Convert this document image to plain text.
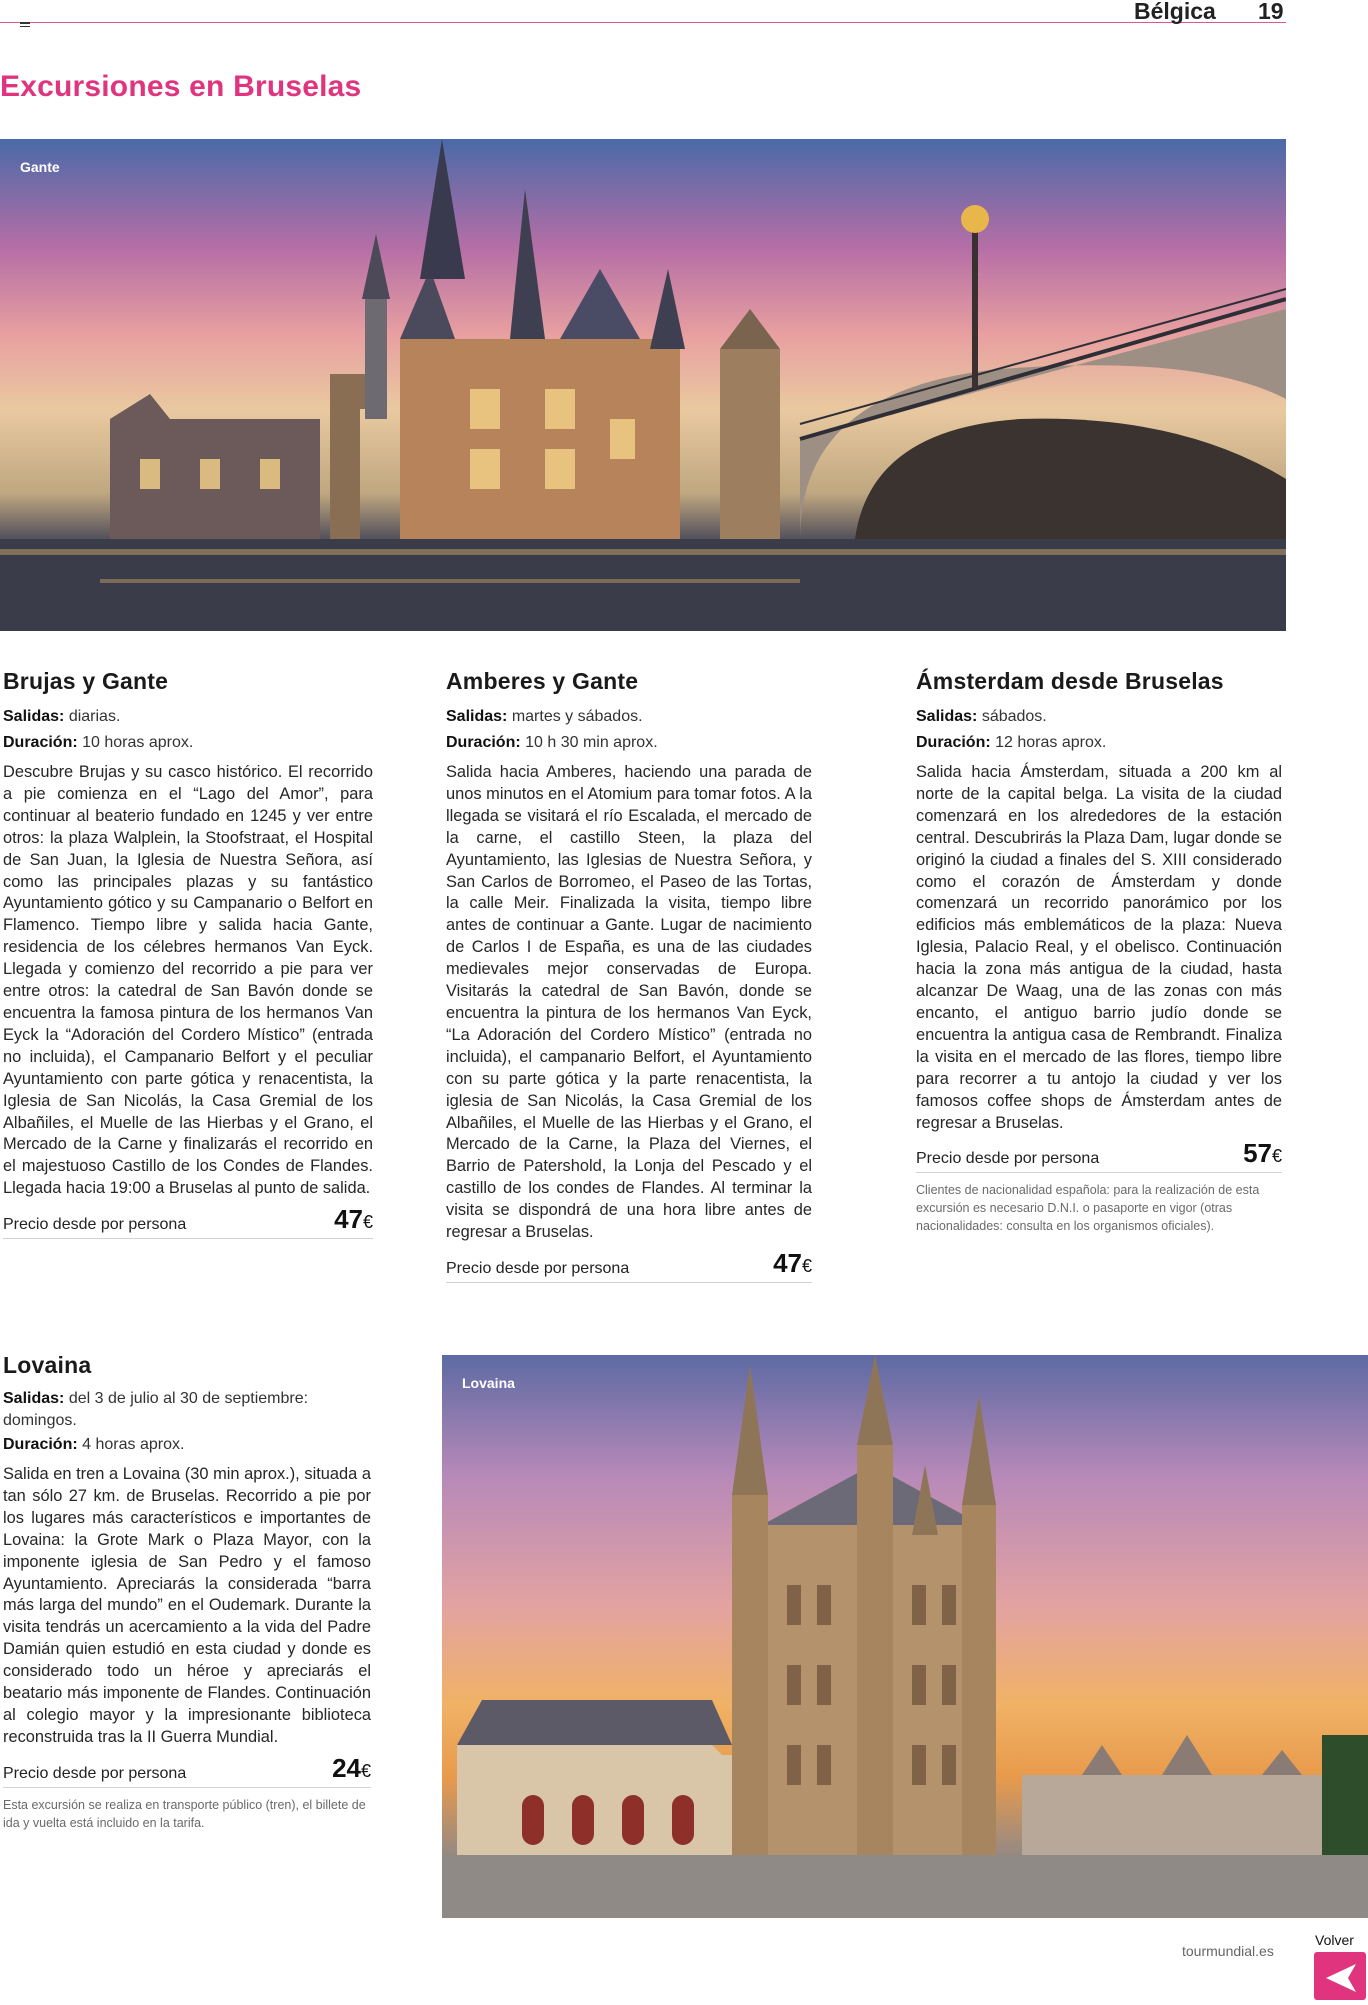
Bélgica 19
Excursiones en Bruselas
Gante
Brujas y Gante
Salidas: diarias.
Duración: 10 horas aprox.
Descubre Brujas y su casco histórico. El recorrido a pie comienza en el “Lago del Amor”, para continuar al beaterio fundado en 1245 y ver entre otros: la plaza Walplein, la Stoofstraat, el Hospital de San Juan, la Iglesia de Nuestra Señora, así como las principales plazas y su fantástico Ayuntamiento gótico y su Campanario o Belfort en Flamenco. Tiempo libre y salida hacia Gante, residencia de los célebres hermanos Van Eyck. Llegada y comienzo del recorrido a pie para ver entre otros: la catedral de San Bavón donde se encuentra la famosa pintura de los hermanos Van Eyck la “Adoración del Cordero Místico” (entrada no incluida), el Campanario Belfort y el peculiar Ayuntamiento con parte gótica y renacentista, la Iglesia de San Nicolás, la Casa Gremial de los Albañiles, el Muelle de las Hierbas y el Grano, el Mercado de la Carne y finalizarás el recorrido en el majestuoso Castillo de los Condes de Flandes. Llegada hacia 19:00 a Bruselas al punto de salida.
Precio desde por persona	47€
Amberes y Gante
Salidas: martes y sábados.
Duración: 10 h 30 min aprox.
Salida hacia Amberes, haciendo una parada de unos minutos en el Atomium para tomar fotos. A la llegada se visitará el río Escalada, el mercado de la carne, el castillo Steen, la plaza del Ayuntamiento, las Iglesias de Nuestra Señora, y San Carlos de Borromeo, el Paseo de las Tortas, la calle Meir. Finalizada la visita, tiempo libre antes de continuar a Gante. Lugar de nacimiento de Carlos I de España, es una de las ciudades medievales mejor conservadas de Europa. Visitarás la catedral de San Bavón, donde se encuentra la pintura de los hermanos Van Eyck, “La Adoración del Cordero Místico” (entrada no incluida), el campanario Belfort, el Ayuntamiento con su parte gótica y la parte renacentista, la iglesia de San Nicolás, la Casa Gremial de los Albañiles, el Muelle de las Hierbas y el Grano, el Mercado de la Carne, la Plaza del Viernes, el Barrio de Patershold, la Lonja del Pescado y el castillo de los condes de Flandes. Al terminar la visita se dispondrá de una hora libre antes de regresar a Bruselas.
Precio desde por persona	47€
Ámsterdam desde Bruselas
Salidas: sábados.
Duración: 12 horas aprox.
Salida hacia Ámsterdam, situada a 200 km al norte de la capital belga. La visita de la ciudad comenzará en los alrededores de la estación central. Descubrirás la Plaza Dam, lugar donde se originó la ciudad a finales del S. XIII considerado como el corazón de Ámsterdam y donde comenzará un recorrido panorámico por los edificios más emblemáticos de la plaza: Nueva Iglesia, Palacio Real, y el obelisco. Continuación hacia la zona más antigua de la ciudad, hasta alcanzar De Waag, una de las zonas con más encanto, el antiguo barrio judío donde se encuentra la antigua casa de Rembrandt. Finaliza la visita en el mercado de las flores, tiempo libre para recorrer a tu antojo la ciudad y ver los famosos coffee shops de Ámsterdam antes de regresar a Bruselas.
Precio desde por persona	57€
Clientes de nacionalidad española: para la realización de esta excursión es necesario D.N.I. o pasaporte en vigor (otras nacionalidades: consulta en los organismos oficiales).
Lovaina
Salidas: del 3 de julio al 30 de septiembre: domingos.
Duración: 4 horas aprox.
Salida en tren a Lovaina (30 min aprox.), situada a tan sólo 27 km. de Bruselas. Recorrido a pie por los lugares más característicos e importantes de Lovaina: la Grote Mark o Plaza Mayor, con la imponente iglesia de San Pedro y el famoso Ayuntamiento. Apreciarás la considerada “barra más larga del mundo” en el Oudemark. Durante la visita tendrás un acercamiento a la vida del Padre Damián quien estudió en esta ciudad y donde es considerado todo un héroe y apreciarás el beatario más imponente de Flandes. Continuación al colegio mayor y la impresionante biblioteca reconstruida tras la II Guerra Mundial.
Precio desde por persona	24€
Esta excursión se realiza en transporte público (tren), el billete de ida y vuelta está incluido en la tarifa.
Lovaina
tourmundial.es
Volver
